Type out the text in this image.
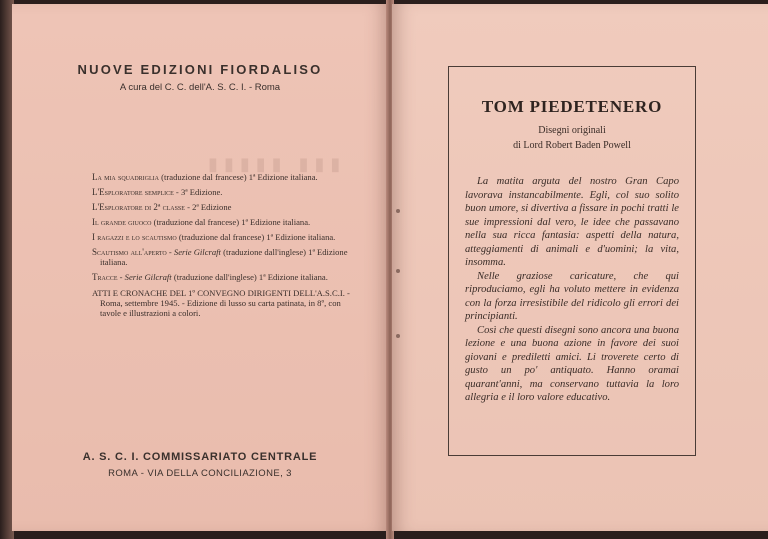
▮▮▮ ▮▮▮▮▮
NUOVE EDIZIONI FIORDALISO
A cura del C. C. dell'A. S. C. I. - Roma
La mia squadriglia (traduzione dal francese) 1ª Edizione italiana.
L'Esploratore semplice - 3ª Edizione.
L'Esploratore di 2ª classe - 2ª Edizione
Il grande giuoco (traduzione dal francese) 1ª Edizione italiana.
I ragazzi e lo scautismo (traduzione dal francese) 1ª Edizione italiana.
Scautismo all'aperto - Serie Gilcraft (traduzione dall'inglese) 1ª Edizione italiana.
Tracce - Serie Gilcraft (traduzione dall'inglese) 1ª Edizione italiana.
ATTI E CRONACHE DEL 1º CONVEGNO DIRIGENTI DELL'A.S.C.I. - Roma, settembre 1945. - Edizione di lusso su carta patinata, in 8º, con tavole e illustrazioni a colori.
A. S. C. I. COMMISSARIATO CENTRALE
ROMA - VIA DELLA CONCILIAZIONE, 3
TOM PIEDETENERO
Disegni originali
di Lord Robert Baden Powell

La matita arguta del nostro Gran Capo lavorava instancabilmente. Egli, col suo solito buon umore, si divertiva a fissare in pochi tratti le sue impressioni dal vero, le idee che passavano nella sua ricca fantasia: aspetti della natura, atteggiamenti di animali e d'uomini; la vita, insomma.

Nelle graziose caricature, che qui riproduciamo, egli ha voluto mettere in evidenza con la forza irresistibile del ridicolo gli errori dei principianti.

Così che questi disegni sono ancora una buona lezione e una buona azione in favore dei suoi giovani e prediletti amici. Li troverete certo di gusto un po' antiquato. Hanno oramai quarant'anni, ma conservano tuttavia la loro allegria e il loro valore educativo.
